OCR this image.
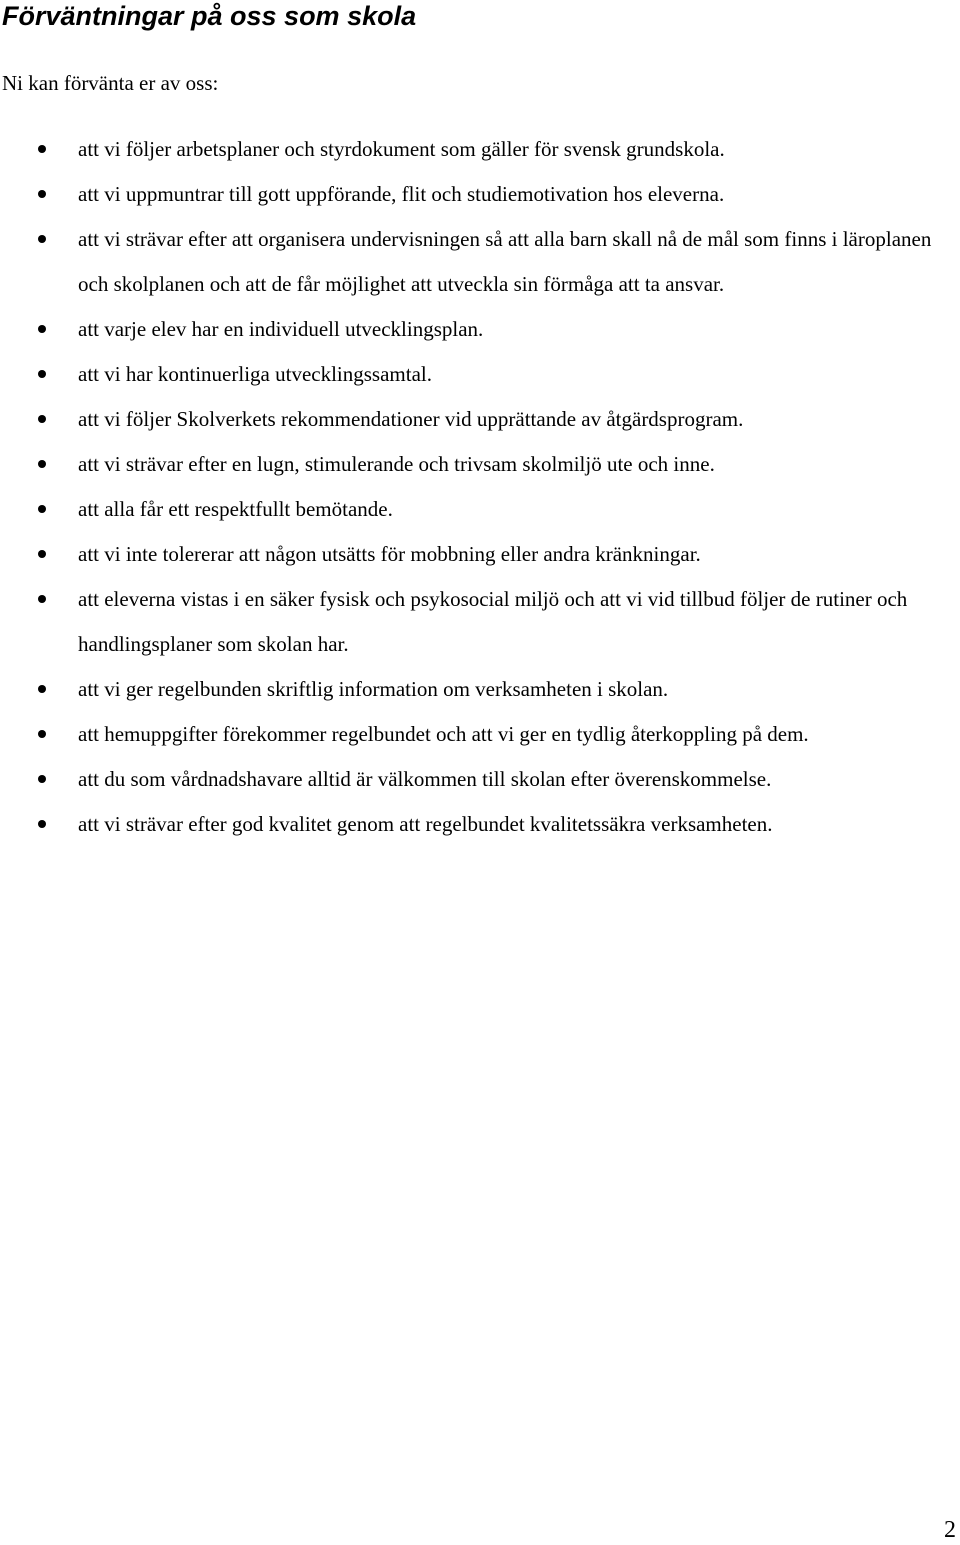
Förväntningar på oss som skola

Ni kan förvänta er av oss:

att vi följer arbetsplaner och styrdokument som gäller för svensk grundskola.
att vi uppmuntrar till gott uppförande, flit och studiemotivation hos eleverna.
att vi strävar efter att organisera undervisningen så att alla barn skall nå de mål som finns i läroplanen och skolplanen och att de får möjlighet att utveckla sin förmåga att ta ansvar.
att varje elev har en individuell utvecklingsplan.
att vi har kontinuerliga utvecklingssamtal.
att vi följer Skolverkets rekommendationer vid upprättande av åtgärdsprogram.
att vi strävar efter en lugn, stimulerande och trivsam skolmiljö ute och inne.
att alla får ett respektfullt bemötande.
att vi inte tolererar att någon utsätts för mobbning eller andra kränkningar.
att eleverna vistas i en säker fysisk och psykosocial miljö och att vi vid tillbud följer de rutiner och handlingsplaner som skolan har.
att vi ger regelbunden skriftlig information om verksamheten i skolan.
att hemuppgifter förekommer regelbundet och att vi ger en tydlig återkoppling på dem.
att du som vårdnadshavare alltid är välkommen till skolan efter överenskommelse.
att vi strävar efter god kvalitet genom att regelbundet kvalitetssäkra verksamheten.

2
